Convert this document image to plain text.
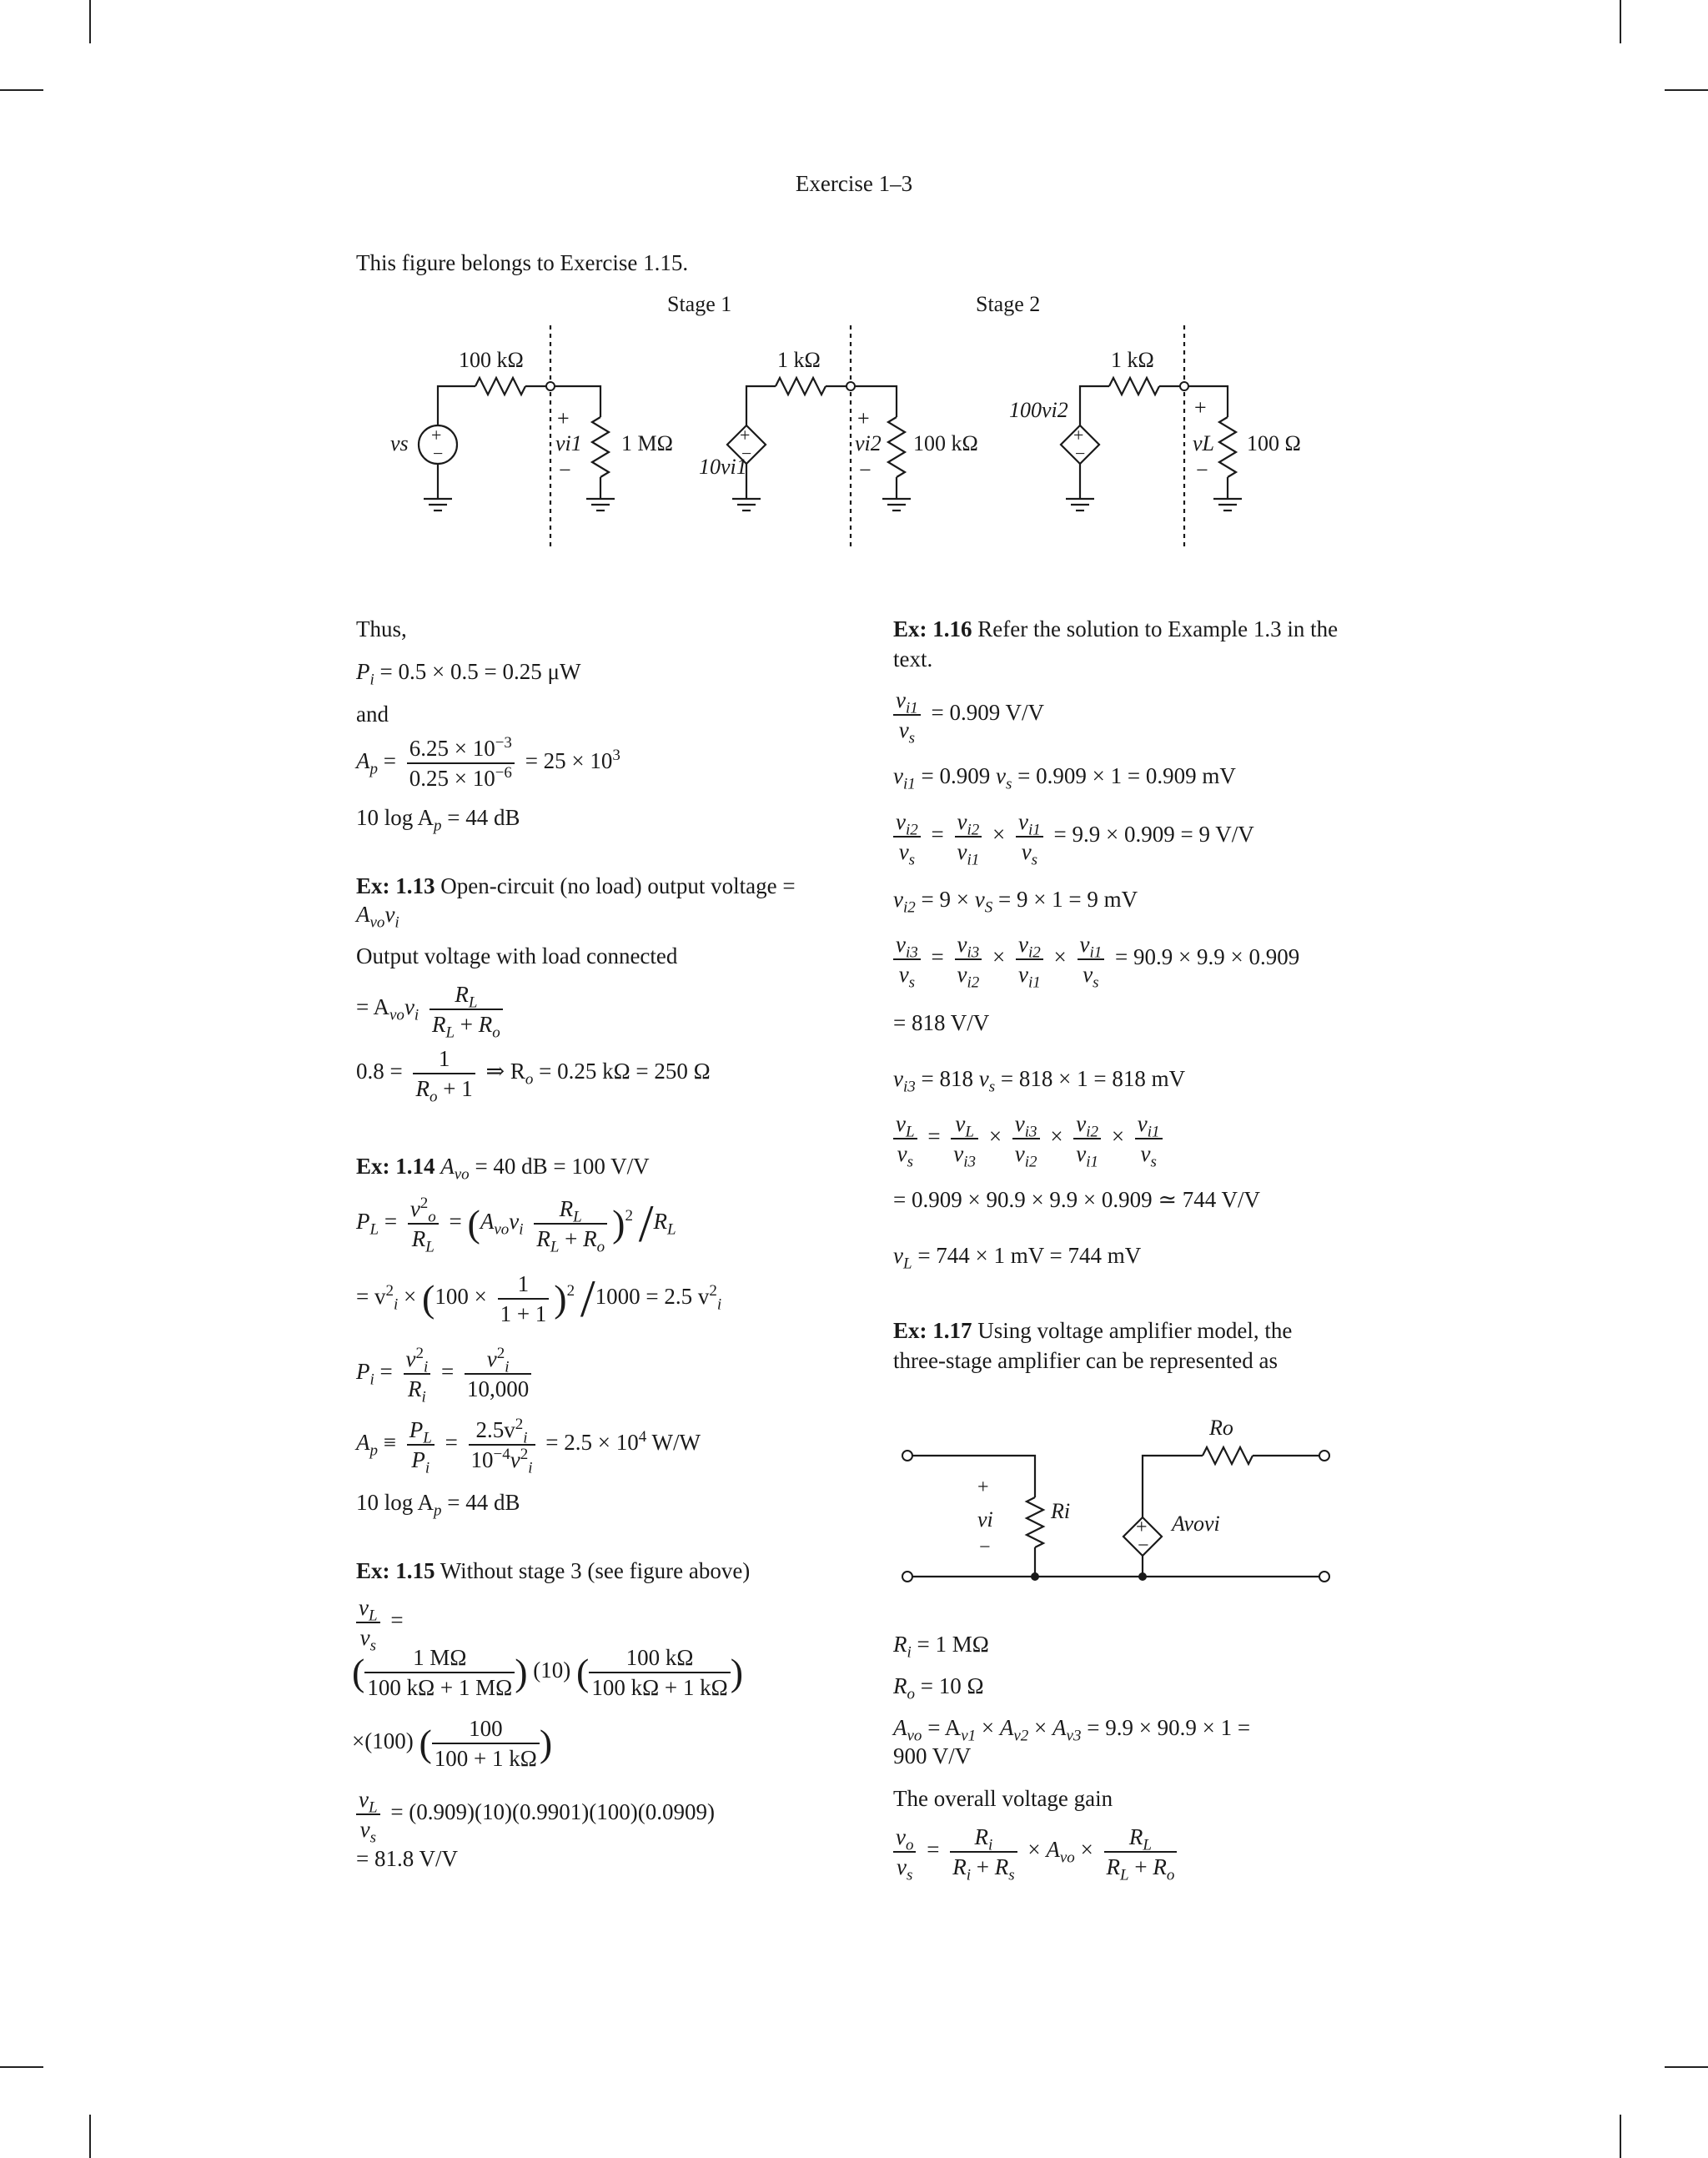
Exercise 1–3
This figure belongs to Exercise 1.15.
+
−
+
−
+
−
Stage 1	Stage 2
100 kΩ	1 kΩ	1 kΩ
1 MΩ	100 kΩ	100 Ω
vs
10vi1
100vi2
+
vi1
−
+
vi2
−
+
vL
−
Thus,
$P_i = 0.5 \times 0.5 = 0.25$ μW
and
$A_p = \frac{6.25 \times 10^{-3}}{0.25 \times 10^{-6}} = 25 \times 10^3$
10 $\log A_p = 44$ dB
Ex: 1.13 Open-circuit (no load) output voltage =
$A_{vo}v_i$
Output voltage with load connected
= $A_{vo}v_i \frac{R_L}{R_L + R_o}$
$0.8 = \frac{1}{R_o + 1}$ ⇒ $R_o = 0.25$ kΩ = 250 Ω
Ex: 1.14 $A_{vo} = 40$ dB = 100 V/V
$P_L = \frac{v^2_o}{R_L} = (A_{vo}v_i \frac{R_L}{R_L + R_o} )^2$ $/R_L$
= $v^2_i \times (100 \times \frac{1}{1 + 1} )^2$ /1000 = 2.5 $v^2_i$
$P_i = \frac{v^2_i}{R_i} = \frac{v^2_i}{10,000}$
$A_p \equiv \frac{P_L}{P_i} = \frac{2.5v^2_i}{10^{-4}v^2_i} = 2.5 \times 10^4$ W/W
10 $\log A_p = 44$ dB
Ex: 1.15 Without stage 3 (see figure above)
$\frac{v_L}{v_s}$ =
( $\frac{1 M\Omega}{100 k\Omega + 1 M\Omega}$ ) (10) ( $\frac{100 k\Omega}{100 k\Omega + 1 k\Omega}$ )
×(100) ( $\frac{100}{100 + 1 k\Omega}$ )
$\frac{v_L}{v_s} = (0.909)(10)(0.9901)(100)(0.0909)$
= 81.8 V/V
Ex: 1.16 Refer the solution to Example 1.3 in the text.
$\frac{v_{i1}}{v_s} = 0.909$ V/V
$v_{i1} = 0.909$ $v_s = 0.909 \times 1 = 0.909$ mV
$\frac{v_{i2}}{v_s} = \frac{v_{i2}}{v_{i1}} \times \frac{v_{i1}}{v_s} = 9.9 \times 0.909 = 9$ V/V
$v_{i2} = 9 \times v_S = 9 \times 1 = 9$ mV
$\frac{v_{i3}}{v_s} = \frac{v_{i3}}{v_{i2}} \times \frac{v_{i2}}{v_{i1}} \times \frac{v_{i1}}{v_s} = 90.9 \times 9.9 \times 0.909$
= 818 V/V
$v_{i3} = 818$ $v_s = 818 \times 1 = 818$ mV
$\frac{v_L}{v_s} = \frac{v_L}{v_{i3}} \times \frac{v_{i3}}{v_{i2}} \times \frac{v_{i2}}{v_{i1}} \times \frac{v_{i1}}{v_s}$
= 0.909 × 90.9 × 9.9 × 0.909 ≃ 744 V/V
$v_L = 744 \times 1$ mV = 744 mV
Ex: 1.17 Using voltage amplifier model, the three-stage amplifier can be represented as
+
−
+
−
Ro
Ri
vi	Avovi
$R_i = 1$ MΩ
$R_o = 10$ Ω
$A_{vo} = A_{v1} \times A_{v2} \times A_{v3} = 9.9 \times 90.9 \times 1$ =
900 V/V
The overall voltage gain
$\frac{v_o}{v_s} = \frac{R_i}{R_i + R_s} \times A_{vo} \times \frac{R_L}{R_L + R_o}$
